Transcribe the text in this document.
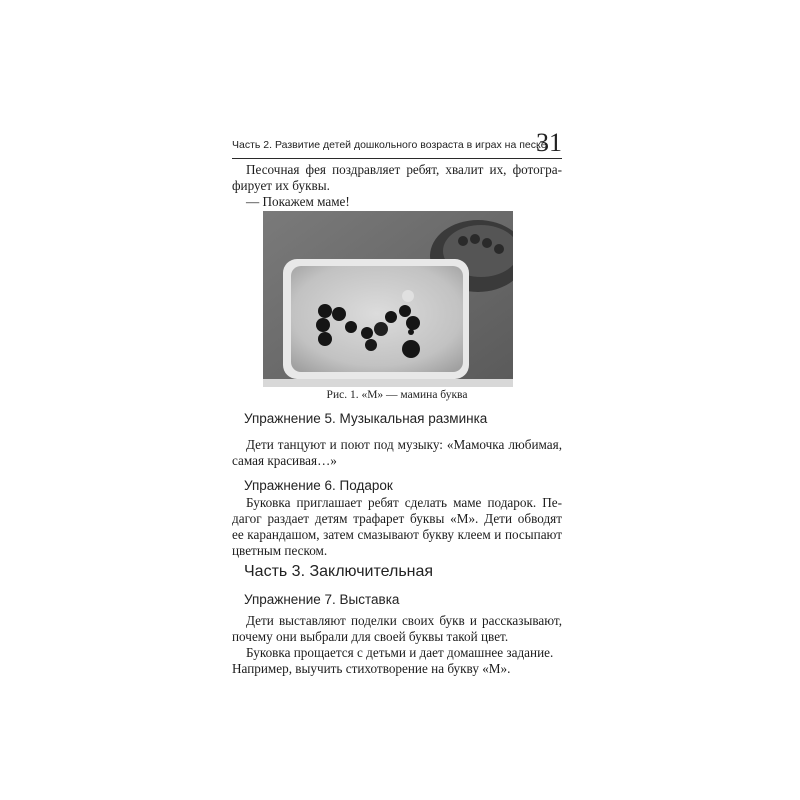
Часть 2. Развитие детей дошкольного возраста в играх на песке
31
Песочная фея поздравляет ребят, хвалит их, фотогра-
фирует их буквы.
— Покажем маме!
Рис. 1. «М» — мамина буква
Упражнение 5. Музыкальная разминка
Дети танцуют и поют под музыку: «Мамочка любимая,
самая красивая…»
Упражнение 6. Подарок
Буковка приглашает ребят сделать маме подарок. Пе-
дагог раздает детям трафарет буквы «М». Дети обводят
ее карандашом, затем смазывают букву клеем и посыпают
цветным песком.
Часть 3. Заключительная
Упражнение 7. Выставка
Дети выставляют поделки своих букв и рассказывают,
почему они выбрали для своей буквы такой цвет.
Буковка прощается с детьми и дает домашнее задание.
Например, выучить стихотворение на букву «М».
